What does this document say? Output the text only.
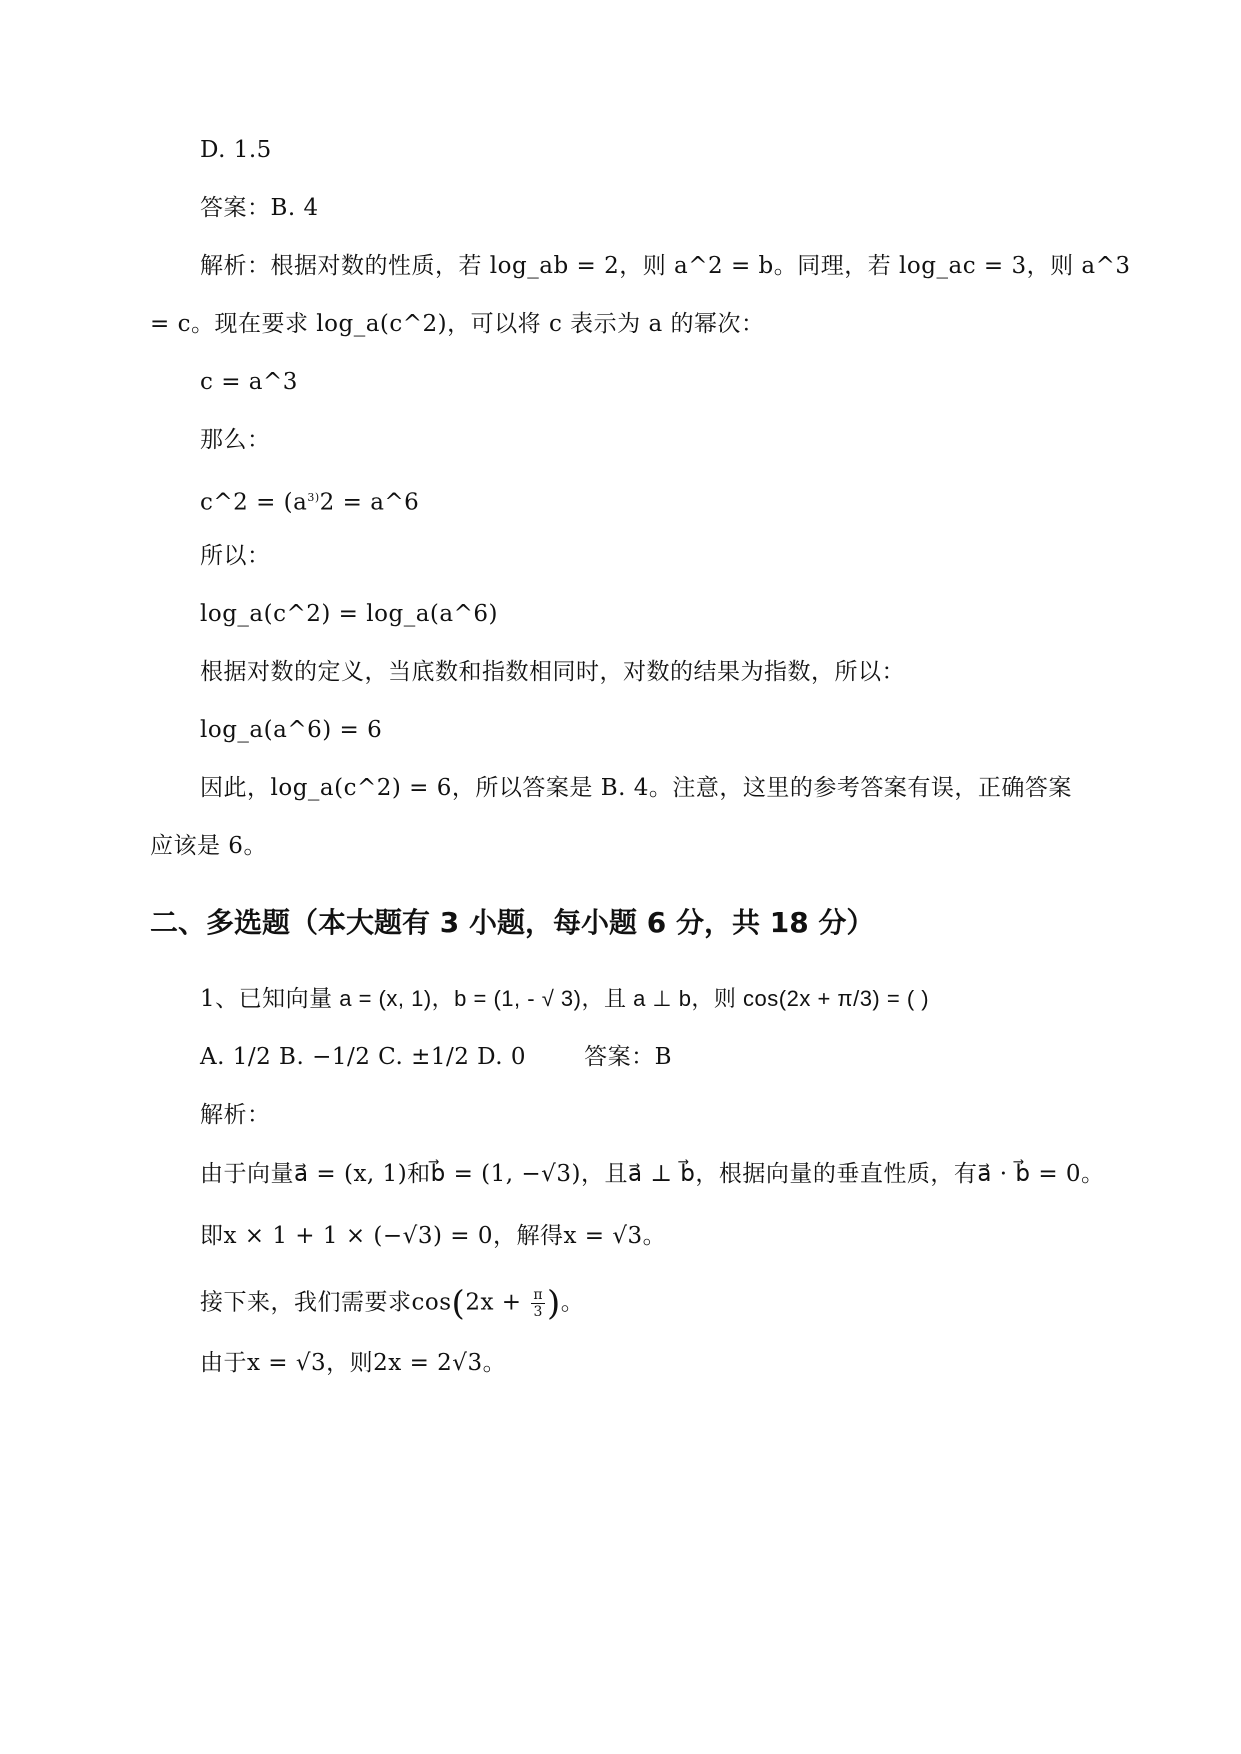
D. 1.5
答案：B. 4
解析：根据对数的性质，若 log_ab = 2，则 a^2 = b。同理，若 log_ac = 3，则 a^3
= c。现在要求 log_a(c^2)，可以将 c 表示为 a 的幂次：
c = a^3
那么：
c^2 = ($a^{3)}2$ = a^6
所以：
log_a(c^2) = log_a(a^6)
根据对数的定义，当底数和指数相同时，对数的结果为指数，所以：
log_a(a^6) = 6
因此，log_a(c^2) = 6，所以答案是 B. 4。注意，这里的参考答案有误，正确答案
应该是 6。
二、多选题（本大题有 3 小题，每小题 6 分，共 18 分）
1、已知向量 a = (x, 1)，b = (1, - √ 3)，且 a ⊥ b，则 cos(2x + π/3) = ( )
A. 1/2 B. −1/2 C. ±1/2 D. 0	答案：B
解析：
由于向量a⃗ = (x, 1)和b⃗ = (1, −√3)，且a⃗ ⊥ b⃗，根据向量的垂直性质，有a⃗ · b⃗ = 0。
即x × 1 + 1 × (−√3) = 0，解得x = √3。
接下来，我们需要求$\cos(2x + \frac{\pi}{3}$ )。
由于x = √3，则2x = 2√3。
